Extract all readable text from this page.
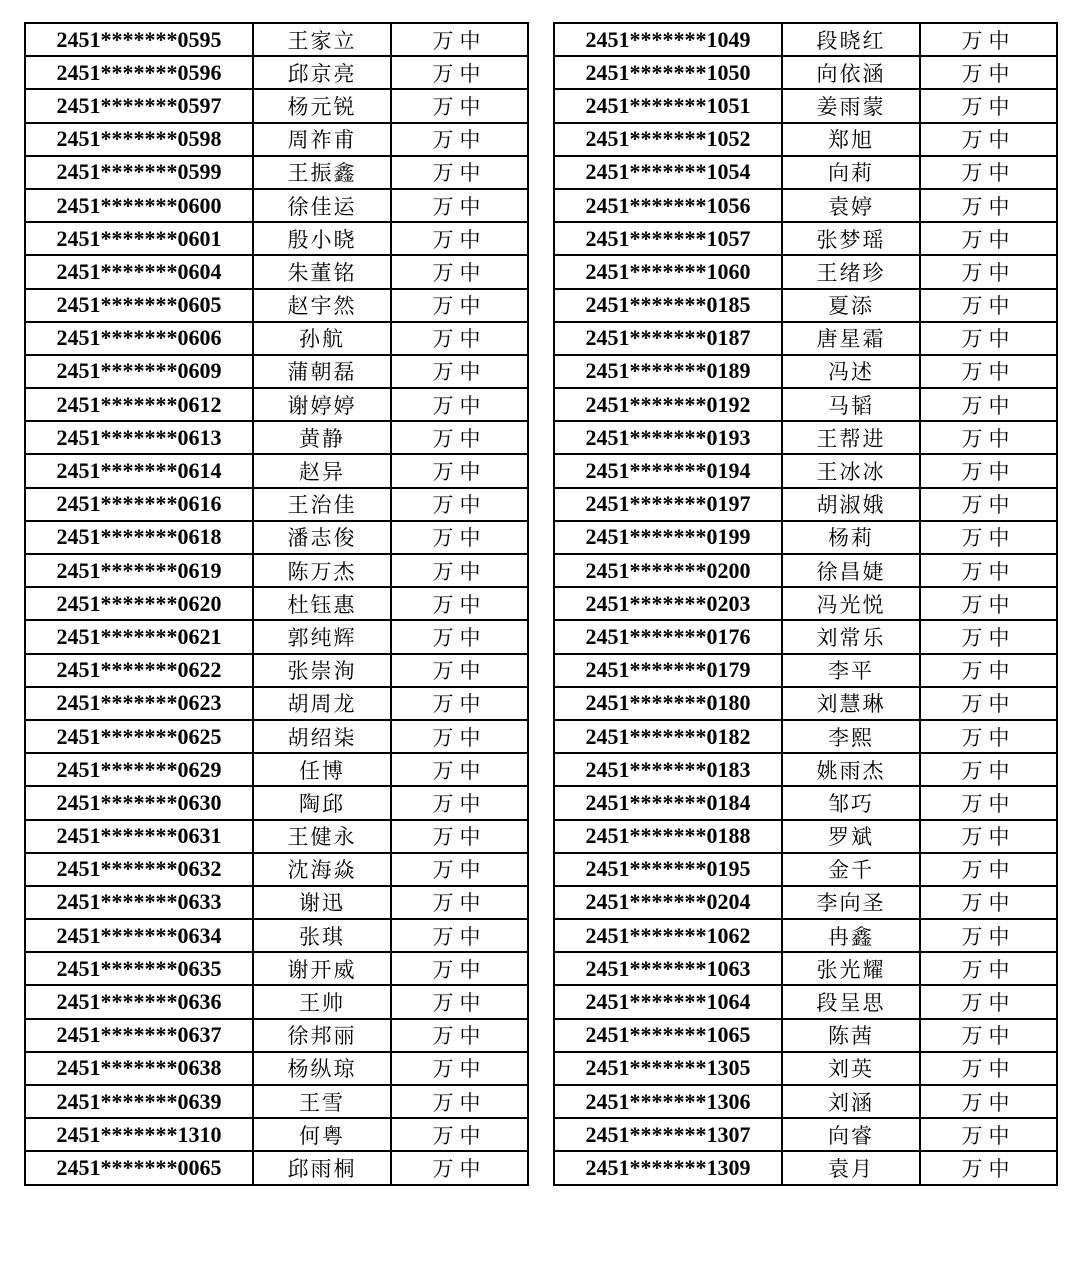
2451*******0595	王家立	万中
2451*******0596	邱京亮	万中
2451*******0597	杨元锐	万中
2451*******0598	周祚甫	万中
2451*******0599	王振鑫	万中
2451*******0600	徐佳运	万中
2451*******0601	殷小晓	万中
2451*******0604	朱董铭	万中
2451*******0605	赵宇然	万中
2451*******0606	孙航	万中
2451*******0609	蒲朝磊	万中
2451*******0612	谢婷婷	万中
2451*******0613	黄静	万中
2451*******0614	赵异	万中
2451*******0616	王治佳	万中
2451*******0618	潘志俊	万中
2451*******0619	陈万杰	万中
2451*******0620	杜钰惠	万中
2451*******0621	郭纯辉	万中
2451*******0622	张崇洵	万中
2451*******0623	胡周龙	万中
2451*******0625	胡绍柒	万中
2451*******0629	任博	万中
2451*******0630	陶邱	万中
2451*******0631	王健永	万中
2451*******0632	沈海焱	万中
2451*******0633	谢迅	万中
2451*******0634	张琪	万中
2451*******0635	谢开威	万中
2451*******0636	王帅	万中
2451*******0637	徐邦丽	万中
2451*******0638	杨纵琼	万中
2451*******0639	王雪	万中
2451*******1310	何粤	万中
2451*******0065	邱雨桐	万中
2451*******1049	段晓红	万中
2451*******1050	向依涵	万中
2451*******1051	姜雨蒙	万中
2451*******1052	郑旭	万中
2451*******1054	向莉	万中
2451*******1056	袁婷	万中
2451*******1057	张梦瑶	万中
2451*******1060	王绪珍	万中
2451*******0185	夏添	万中
2451*******0187	唐星霜	万中
2451*******0189	冯述	万中
2451*******0192	马韬	万中
2451*******0193	王帮进	万中
2451*******0194	王冰冰	万中
2451*******0197	胡淑娥	万中
2451*******0199	杨莉	万中
2451*******0200	徐昌婕	万中
2451*******0203	冯光悦	万中
2451*******0176	刘常乐	万中
2451*******0179	李平	万中
2451*******0180	刘慧琳	万中
2451*******0182	李熙	万中
2451*******0183	姚雨杰	万中
2451*******0184	邹巧	万中
2451*******0188	罗斌	万中
2451*******0195	金千	万中
2451*******0204	李向圣	万中
2451*******1062	冉鑫	万中
2451*******1063	张光耀	万中
2451*******1064	段呈思	万中
2451*******1065	陈茜	万中
2451*******1305	刘英	万中
2451*******1306	刘涵	万中
2451*******1307	向睿	万中
2451*******1309	袁月	万中
